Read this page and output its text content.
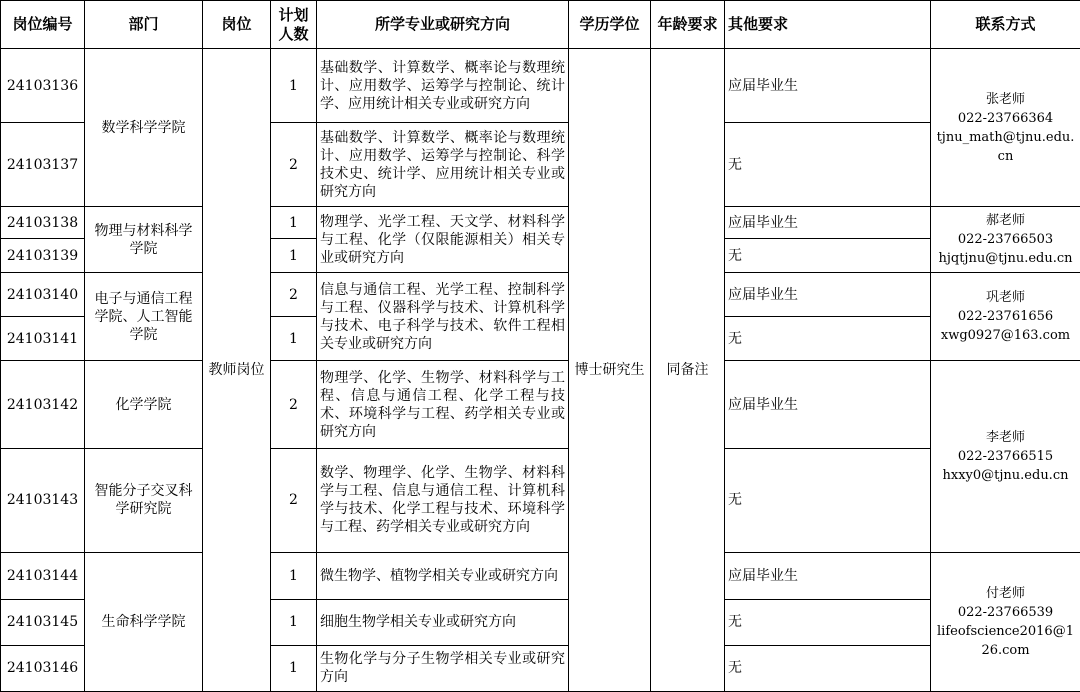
岗位编号	部门	岗位	计划人数	所学专业或研究方向	学历学位	年龄要求	其他要求	联系方式
24103136	数学科学学院	教师岗位	1	基础数学、计算数学、概率论与数理统计、应用数学、运筹学与控制论、统计学、应用统计相关专业或研究方向	博士研究生	同备注	应届毕业生	张老师
022-23766364
tjnu_math@tjnu.edu.cn

24103137			2	基础数学、计算数学、概率论与数理统计、应用数学、运筹学与控制论、科学技术史、统计学、应用统计相关专业或研究方向			无	
24103138	物理与材料科学学院		1	物理学、光学工程、天文学、材料科学与工程、化学（仅限能源相关）相关专业或研究方向			应届毕业生	郝老师
022-23766503
hjqtjnu@tjnu.edu.cn

24103139			1				无	
24103140	电子与通信工程学院、人工智能学院		2	信息与通信工程、光学工程、控制科学与工程、仪器科学与技术、计算机科学与技术、电子科学与技术、软件工程相关专业或研究方向			应届毕业生	巩老师
022-23761656
xwg0927@163.com

24103141			1				无	
24103142	化学学院		2	物理学、化学、生物学、材料科学与工程、信息与通信工程、化学工程与技术、环境科学与工程、药学相关专业或研究方向			应届毕业生	李老师
022-23766515
hxxy0@tjnu.edu.cn

24103143	智能分子交叉科学研究院		2	数学、物理学、化学、生物学、材料科学与工程、信息与通信工程、计算机科学与技术、化学工程与技术、环境科学与工程、药学相关专业或研究方向			无	
24103144	生命科学学院		1	微生物学、植物学相关专业或研究方向			应届毕业生	付老师
022-23766539
lifeofscience2016@126.com

24103145			1	细胞生物学相关专业或研究方向			无	
24103146			1	生物化学与分子生物学相关专业或研究方向			无	
